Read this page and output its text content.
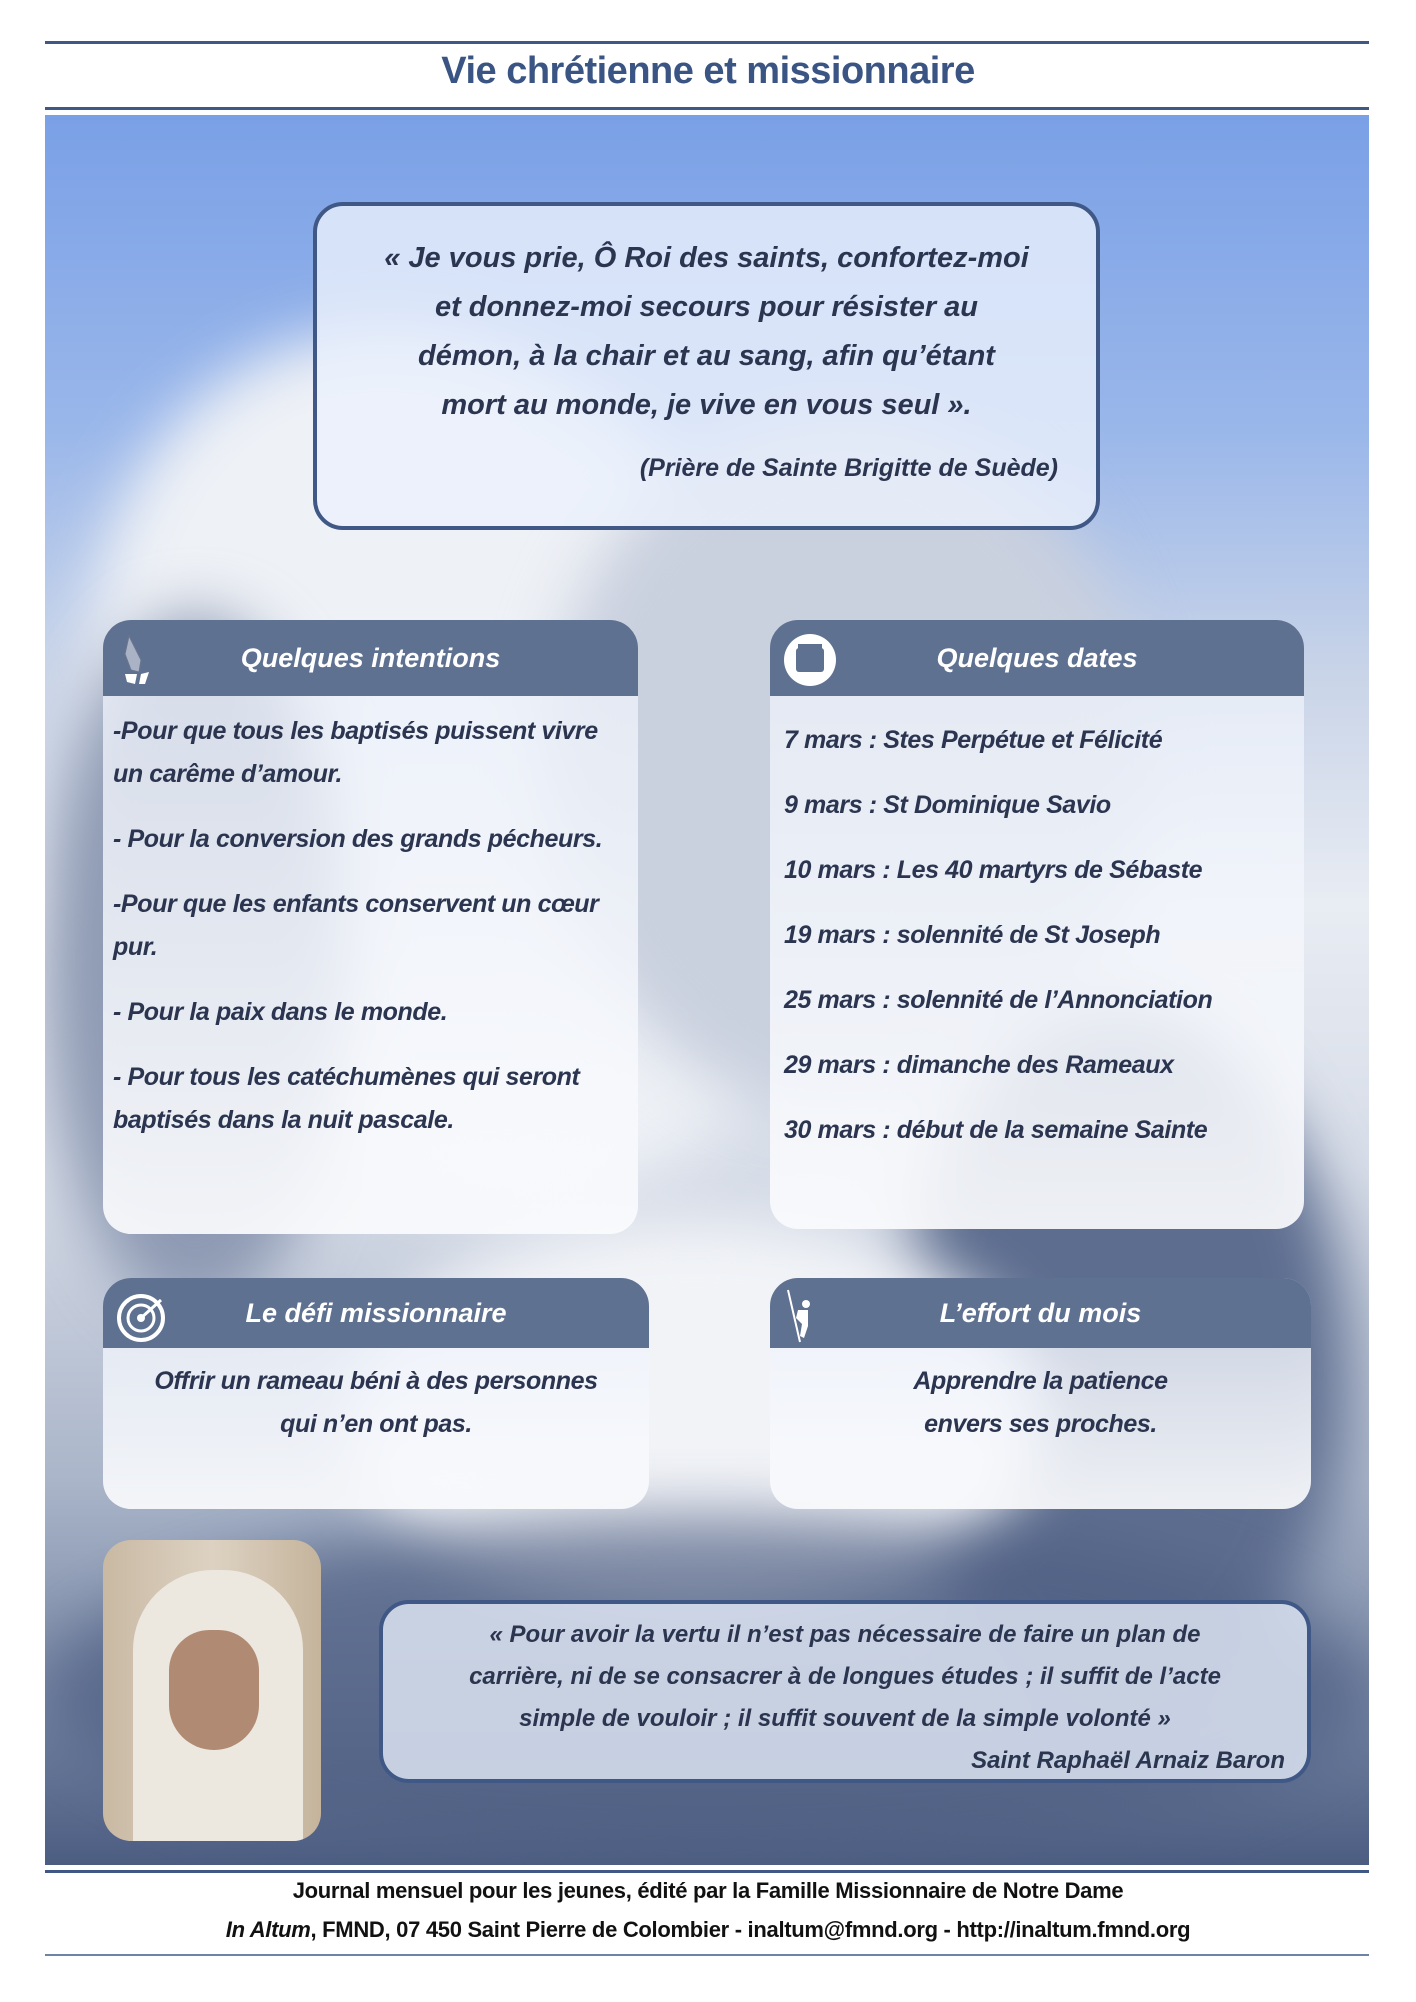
Vie chrétienne et missionnaire
« Je vous prie, Ô Roi des saints, confortez-moi
et donnez-moi secours pour résister au
démon, à la chair et au sang, afin qu’étant
mort au monde, je vive en vous seul ».
(Prière de Sainte Brigitte de Suède)
Quelques intentions

-Pour que tous les baptisés puissent vivre un carême d’amour.

- Pour la conversion des grands pécheurs.

-Pour que les enfants conservent un cœur pur.

- Pour la paix dans le monde.

- Pour tous les catéchumènes qui seront baptisés dans la nuit pascale.

Quelques dates
7 mars : Stes Perpétue et Félicité
9 mars : St Dominique Savio
10 mars : Les 40 martyrs de Sébaste
19 mars : solennité de St Joseph
25 mars : solennité de l’Annonciation
29 mars : dimanche des Rameaux
30 mars : début de la semaine Sainte
Le défi missionnaire
Offrir un rameau béni à des personnes
qui n’en ont pas.
L’effort du mois
Apprendre la patience
envers ses proches.
« Pour avoir la vertu il n’est pas nécessaire de faire un plan de
carrière, ni de se consacrer à de longues études ; il suffit de l’acte
simple de vouloir ; il suffit souvent de la simple volonté »
Saint Raphaël Arnaiz Baron
Journal mensuel pour les jeunes, édité par la Famille Missionnaire de Notre Dame
In Altum, FMND, 07 450 Saint Pierre de Colombier - inaltum@fmnd.org - http://inaltum.fmnd.org
